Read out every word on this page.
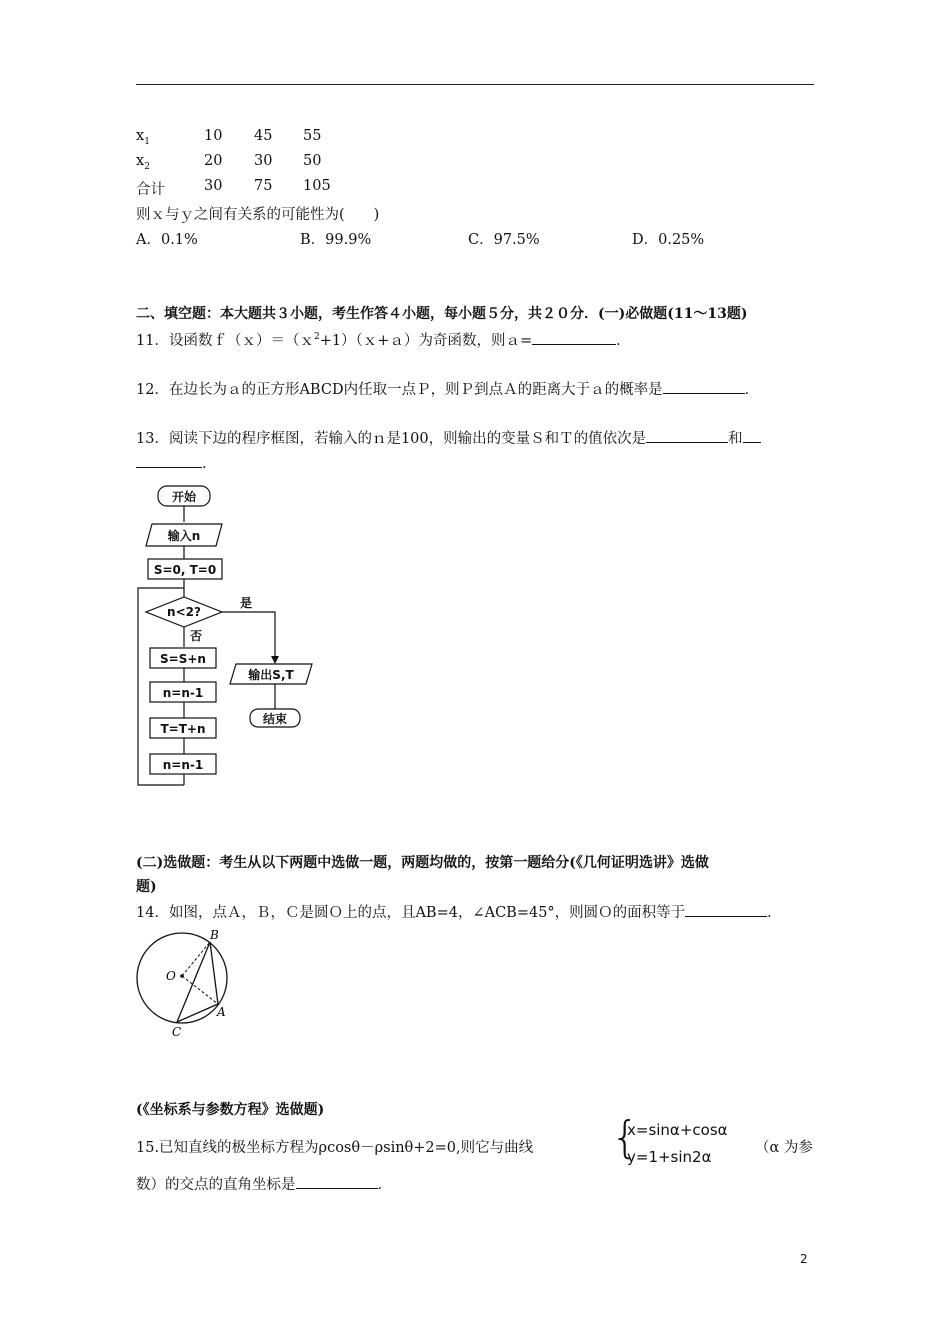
$x_1$	10 45 55
$x_2$	20 30 50
合计	30 75 105
则ｘ与ｙ之间有关系的可能性为(　　)
A．0.1%	B．99.9%	C．97.5%	D．0.25%
二、填空题：本大题共３小题，考生作答４小题，每小题５分，共２０分．(一)必做题(11～13题)
11．设函数ｆ（ｘ）＝（ｘ$^2$+1）（ｘ+ａ）为奇函数，则ａ=	．
12．在边长为ａ的正方形ABCD内任取一点Ｐ，则Ｐ到点Ａ的距离大于ａ的概率是	．
13．阅读下边的程序框图，若输入的ｎ是100，则输出的变量Ｓ和Ｔ的值依次是	和
．
开始
输入n
S=0, T=0
n<2?
是
否
S=S+n
n=n-1
T=T+n
n=n-1
输出S,T
结束
(二)选做题：考生从以下两题中选做一题，两题均做的，按第一题给分(《几何证明选讲》选做
题)
14．如图，点Ａ，Ｂ，Ｃ是圆Ｏ上的点，且AB=4，∠ACB=45°，则圆Ｏ的面积等于	．
B
O
A
C
(《坐标系与参数方程》选做题)
15.已知直线的极坐标方程为ρcosθ－ρsinθ+2=0,则它与曲线 {
x=sinα+cosα
y=1+sin2α	（α 为参
数）的交点的直角坐标是	．
2
